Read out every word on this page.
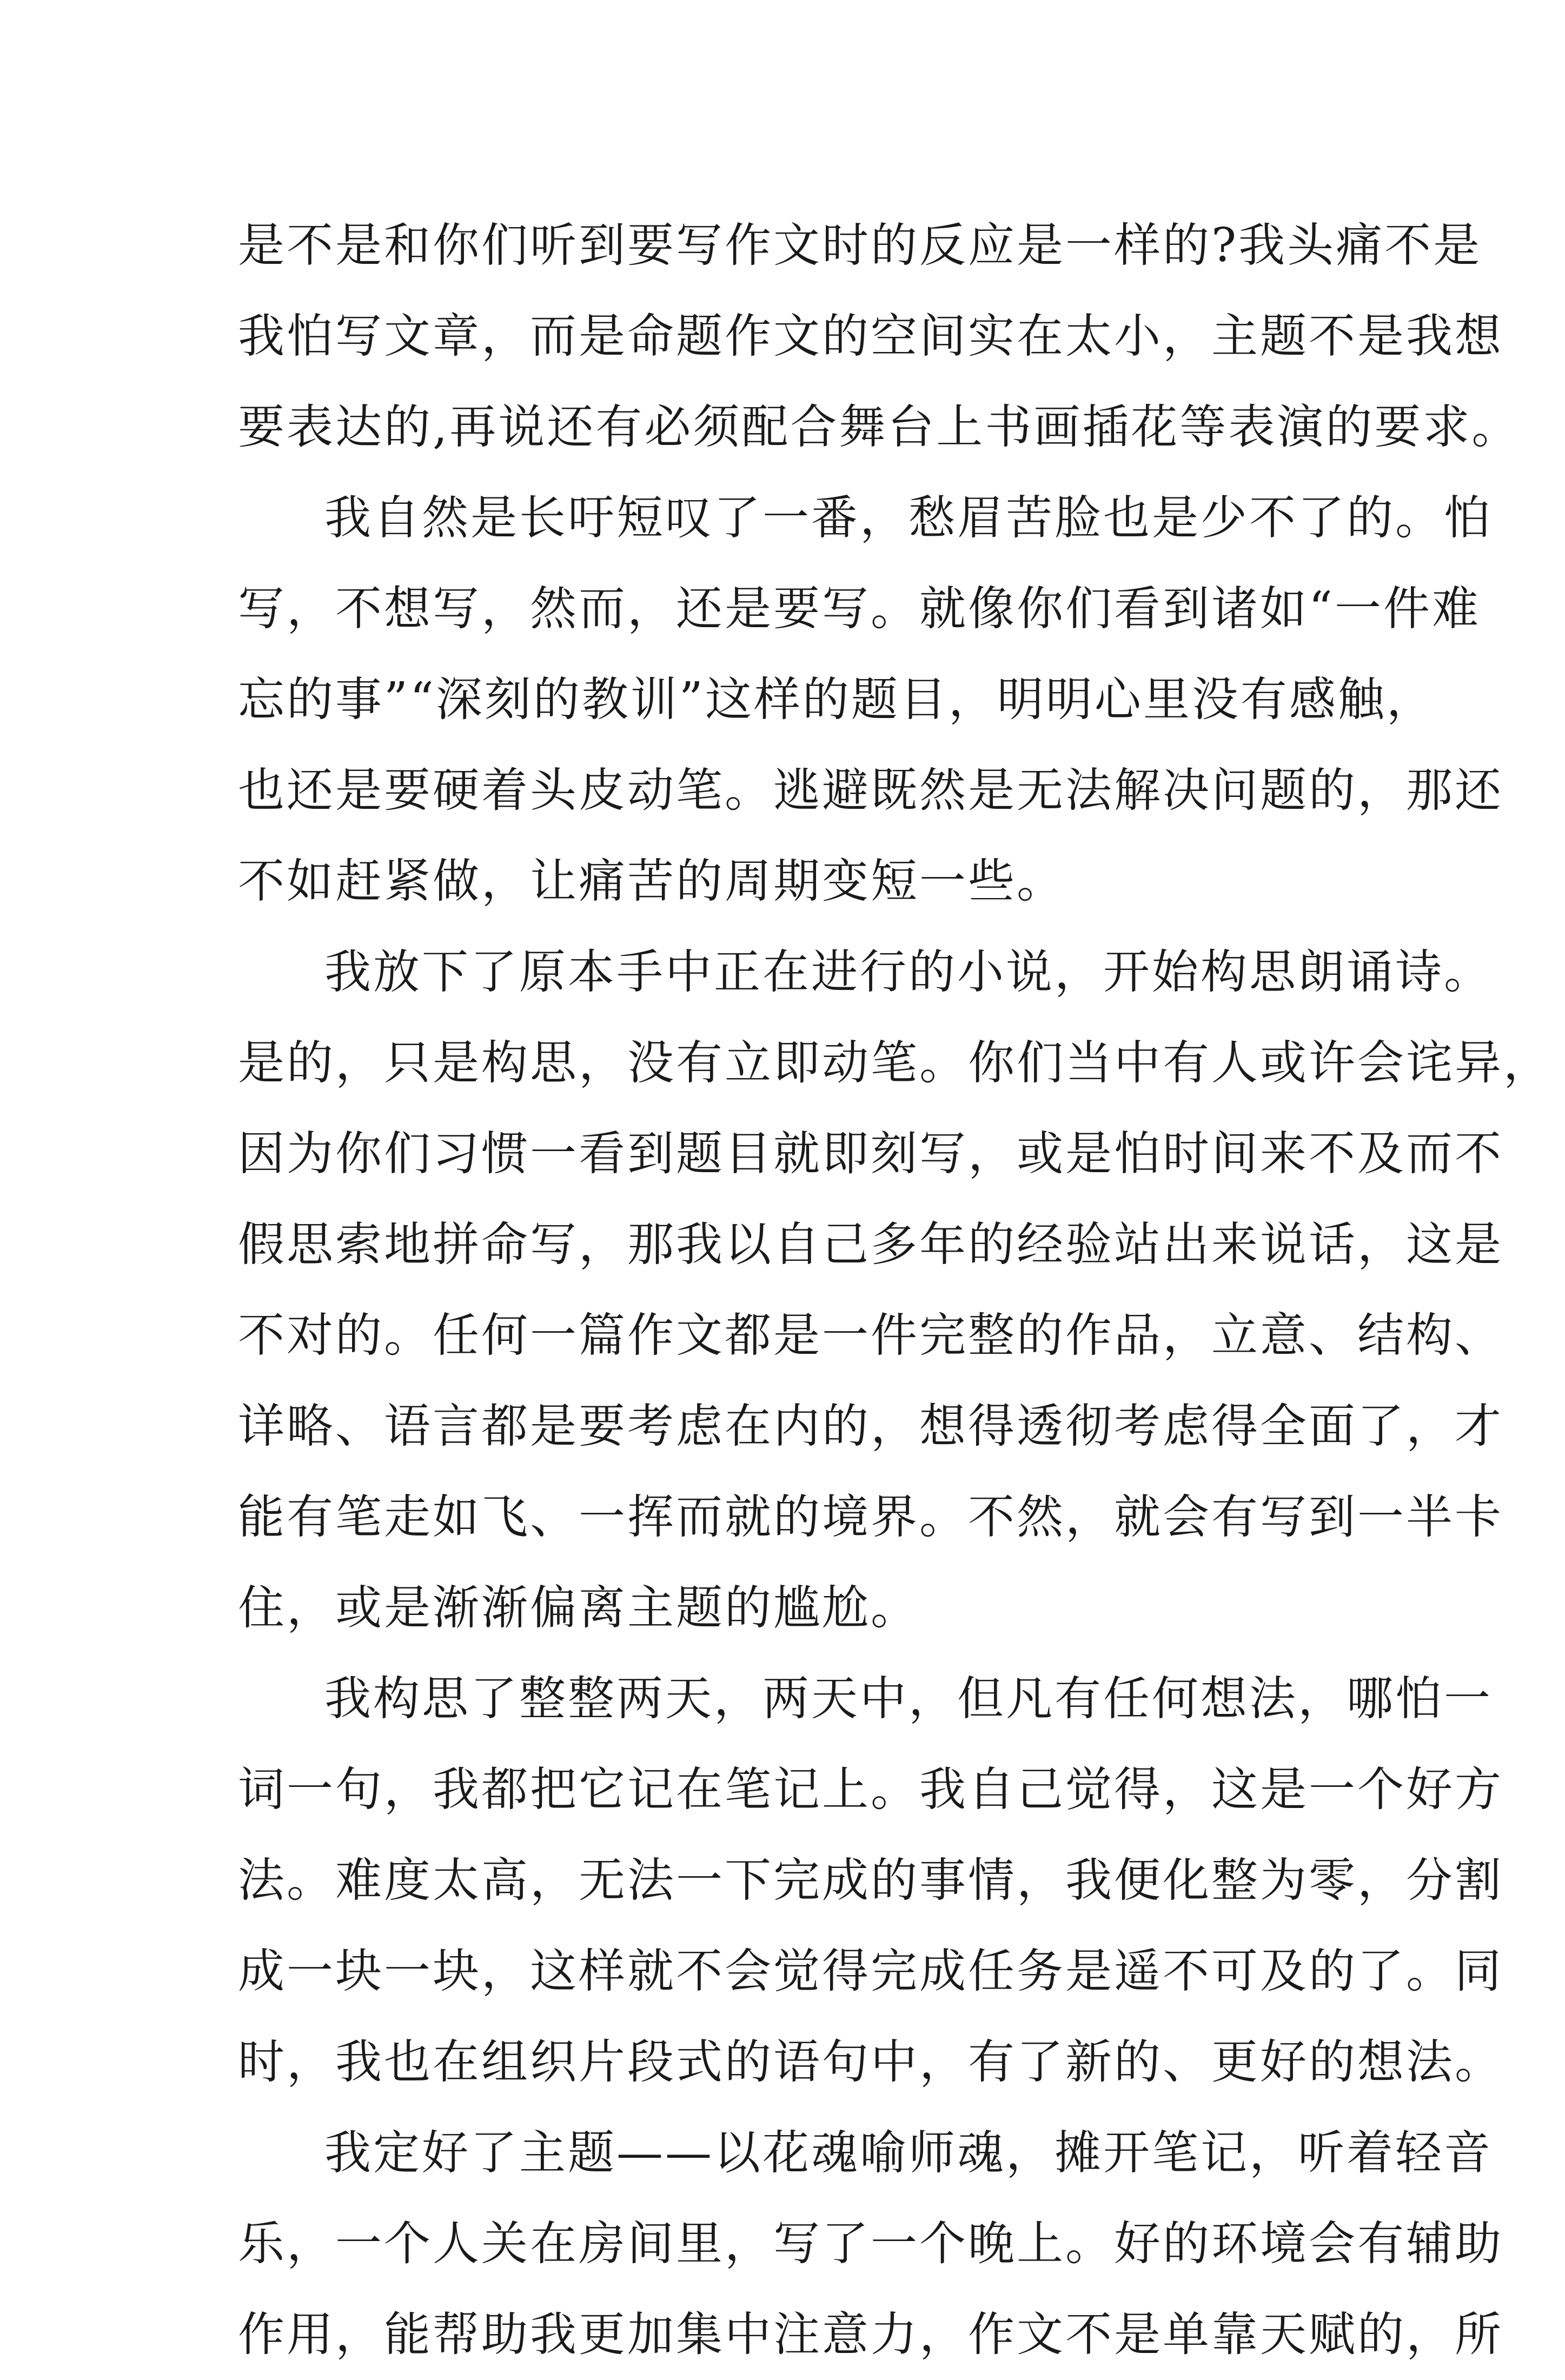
是不是和你们听到要写作文时的反应是一样的?我头痛不是
我怕写文章，而是命题作文的空间实在太小，主题不是我想
要表达的,再说还有必须配合舞台上书画插花等表演的要求。
我自然是长吁短叹了一番，愁眉苦脸也是少不了的。怕
写，不想写，然而，还是要写。就像你们看到诸如“一件难
忘的事”“深刻的教训”这样的题目，明明心里没有感触，
也还是要硬着头皮动笔。逃避既然是无法解决问题的，那还
不如赶紧做，让痛苦的周期变短一些。
我放下了原本手中正在进行的小说，开始构思朗诵诗。
是的，只是构思，没有立即动笔。你们当中有人或许会诧异，
因为你们习惯一看到题目就即刻写，或是怕时间来不及而不
假思索地拼命写，那我以自己多年的经验站出来说话，这是
不对的。任何一篇作文都是一件完整的作品，立意、结构、
详略、语言都是要考虑在内的，想得透彻考虑得全面了，才
能有笔走如飞、一挥而就的境界。不然，就会有写到一半卡
住，或是渐渐偏离主题的尴尬。
我构思了整整两天，两天中，但凡有任何想法，哪怕一
词一句，我都把它记在笔记上。我自己觉得，这是一个好方
法。难度太高，无法一下完成的事情，我便化整为零，分割
成一块一块，这样就不会觉得完成任务是遥不可及的了。同
时，我也在组织片段式的语句中，有了新的、更好的想法。
我定好了主题——以花魂喻师魂，摊开笔记，听着轻音
乐，一个人关在房间里，写了一个晚上。好的环境会有辅助
作用，能帮助我更加集中注意力，作文不是单靠天赋的，所
